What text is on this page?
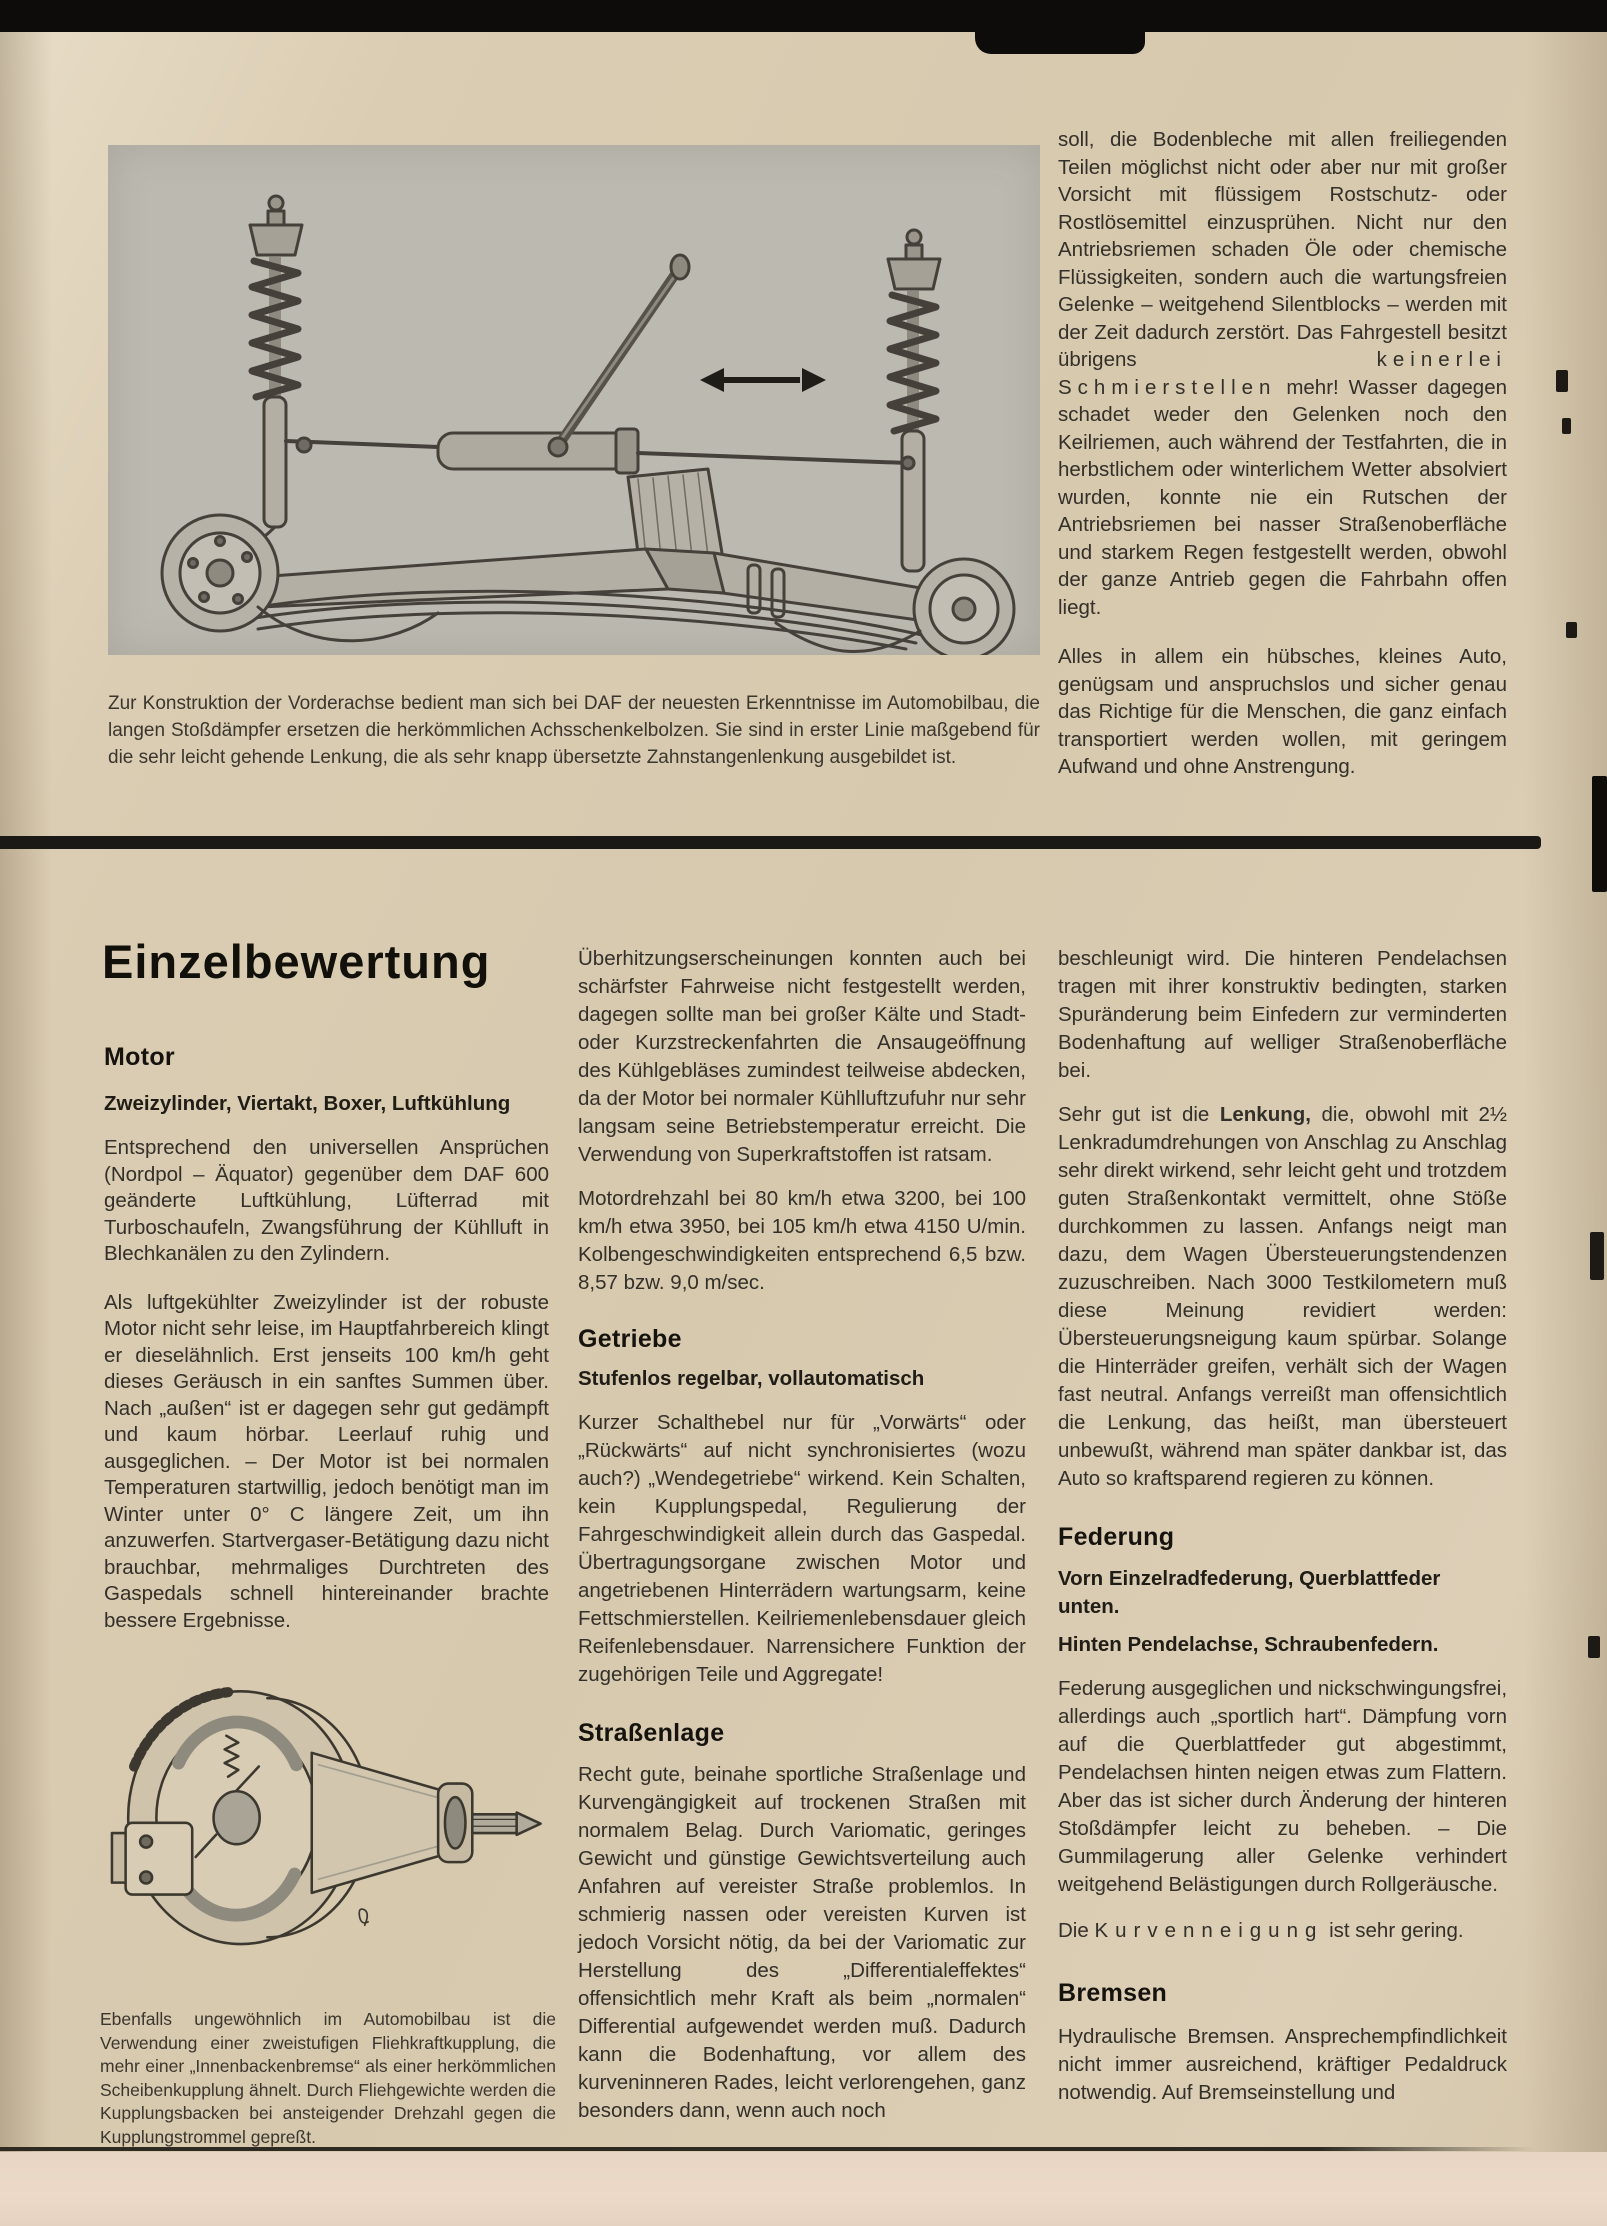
Zur Konstruktion der Vorderachse bedient man sich bei DAF der neuesten Erkenntnisse im Automobilbau, die langen Stoßdämpfer ersetzen die herkömmlichen Achsschenkelbolzen. Sie sind in erster Linie maßgebend für die sehr leicht gehende Lenkung, die als sehr knapp übersetzte Zahnstangenlenkung ausgebildet ist.

soll, die Bodenbleche mit allen freiliegenden Teilen möglichst nicht oder aber nur mit großer Vorsicht mit flüssigem Rostschutz- oder Rostlösemittel einzusprühen. Nicht nur den Antriebsriemen schaden Öle oder chemische Flüssigkeiten, sondern auch die wartungsfreien Gelenke – weitgehend Silentblocks – werden mit der Zeit dadurch zerstört. Das Fahrgestell besitzt übrigens keinerlei Schmierstellen mehr! Wasser dagegen schadet weder den Gelenken noch den Keilriemen, auch während der Testfahrten, die in herbstlichem oder winterlichem Wetter absolviert wurden, konnte nie ein Rutschen der Antriebsriemen bei nasser Straßenoberfläche und starkem Regen festgestellt werden, obwohl der ganze Antrieb gegen die Fahrbahn offen liegt.

Alles in allem ein hübsches, kleines Auto, genügsam und anspruchslos und sicher genau das Richtige für die Menschen, die ganz einfach transportiert werden wollen, mit geringem Aufwand und ohne Anstrengung.

Einzelbewertung
Motor

Zweizylinder, Viertakt, Boxer, Luftkühlung

Entsprechend den universellen Ansprüchen (Nordpol – Äquator) gegenüber dem DAF 600 geänderte Luftkühlung, Lüfterrad mit Turboschaufeln, Zwangsführung der Kühlluft in Blechkanälen zu den Zylindern.

Als luftgekühlter Zweizylinder ist der robuste Motor nicht sehr leise, im Hauptfahrbereich klingt er dieselähnlich. Erst jenseits 100 km/h geht dieses Geräusch in ein sanftes Summen über. Nach „außen“ ist er dagegen sehr gut gedämpft und kaum hörbar. Leerlauf ruhig und ausgeglichen. – Der Motor ist bei normalen Temperaturen startwillig, jedoch benötigt man im Winter unter 0° C längere Zeit, um ihn anzuwerfen. Startvergaser-Betätigung dazu nicht brauchbar, mehrmaliges Durchtreten des Gaspedals schnell hintereinander brachte bessere Ergebnisse.

Ebenfalls ungewöhnlich im Automobilbau ist die Verwendung einer zweistufigen Fliehkraftkupplung, die mehr einer „Innenbackenbremse“ als einer herkömmlichen Scheibenkupplung ähnelt. Durch Fliehgewichte werden die Kupplungsbacken bei ansteigender Drehzahl gegen die Kupplungstrommel gepreßt.

Überhitzungserscheinungen konnten auch bei schärfster Fahrweise nicht festgestellt werden, dagegen sollte man bei großer Kälte und Stadt- oder Kurzstreckenfahrten die Ansaugeöffnung des Kühlgebläses zumindest teilweise abdecken, da der Motor bei normaler Kühlluftzufuhr nur sehr langsam seine Betriebstemperatur erreicht. Die Verwendung von Superkraftstoffen ist ratsam.

Motordrehzahl bei 80 km/h etwa 3200, bei 100 km/h etwa 3950, bei 105 km/h etwa 4150 U/min. Kolbengeschwindigkeiten entsprechend 6,5 bzw. 8,57 bzw. 9,0 m/sec.

Getriebe

Stufenlos regelbar, vollautomatisch

Kurzer Schalthebel nur für „Vorwärts“ oder „Rückwärts“ auf nicht synchronisiertes (wozu auch?) „Wendegetriebe“ wirkend. Kein Schalten, kein Kupplungspedal, Regulierung der Fahrgeschwindigkeit allein durch das Gaspedal. Übertragungsorgane zwischen Motor und angetriebenen Hinterrädern wartungsarm, keine Fettschmierstellen. Keilriemenlebensdauer gleich Reifenlebensdauer. Narrensichere Funktion der zugehörigen Teile und Aggregate!

Straßenlage

Recht gute, beinahe sportliche Straßenlage und Kurvengängigkeit auf trockenen Straßen mit normalem Belag. Durch Variomatic, geringes Gewicht und günstige Gewichtsverteilung auch Anfahren auf vereister Straße problemlos. In schmierig nassen oder vereisten Kurven ist jedoch Vorsicht nötig, da bei der Variomatic zur Herstellung des „Differentialeffektes“ offensichtlich mehr Kraft als beim „normalen“ Differential aufgewendet werden muß. Dadurch kann die Bodenhaftung, vor allem des kurveninneren Rades, leicht verlorengehen, ganz besonders dann, wenn auch noch

beschleunigt wird. Die hinteren Pendelachsen tragen mit ihrer konstruktiv bedingten, starken Spuränderung beim Einfedern zur verminderten Bodenhaftung auf welliger Straßenoberfläche bei.

Sehr gut ist die Lenkung, die, obwohl mit 2½ Lenkradumdrehungen von Anschlag zu Anschlag sehr direkt wirkend, sehr leicht geht und trotzdem guten Straßenkontakt vermittelt, ohne Stöße durchkommen zu lassen. Anfangs neigt man dazu, dem Wagen Übersteuerungstendenzen zuzuschreiben. Nach 3000 Testkilometern muß diese Meinung revidiert werden: Übersteuerungsneigung kaum spürbar. Solange die Hinterräder greifen, verhält sich der Wagen fast neutral. Anfangs verreißt man offensichtlich die Lenkung, das heißt, man übersteuert unbewußt, während man später dankbar ist, das Auto so kraftsparend regieren zu können.

Federung

Vorn Einzelradfederung, Querblattfeder unten.

Hinten Pendelachse, Schraubenfedern.

Federung ausgeglichen und nickschwingungsfrei, allerdings auch „sportlich hart“. Dämpfung vorn auf die Querblattfeder gut abgestimmt, Pendelachsen hinten neigen etwas zum Flattern. Aber das ist sicher durch Änderung der hinteren Stoßdämpfer leicht zu beheben. – Die Gummilagerung aller Gelenke verhindert weitgehend Belästigungen durch Rollgeräusche.

Die Kurvenneigung ist sehr gering.

Bremsen

Hydraulische Bremsen. Ansprechempfindlichkeit nicht immer ausreichend, kräftiger Pedaldruck notwendig. Auf Bremseinstellung und
